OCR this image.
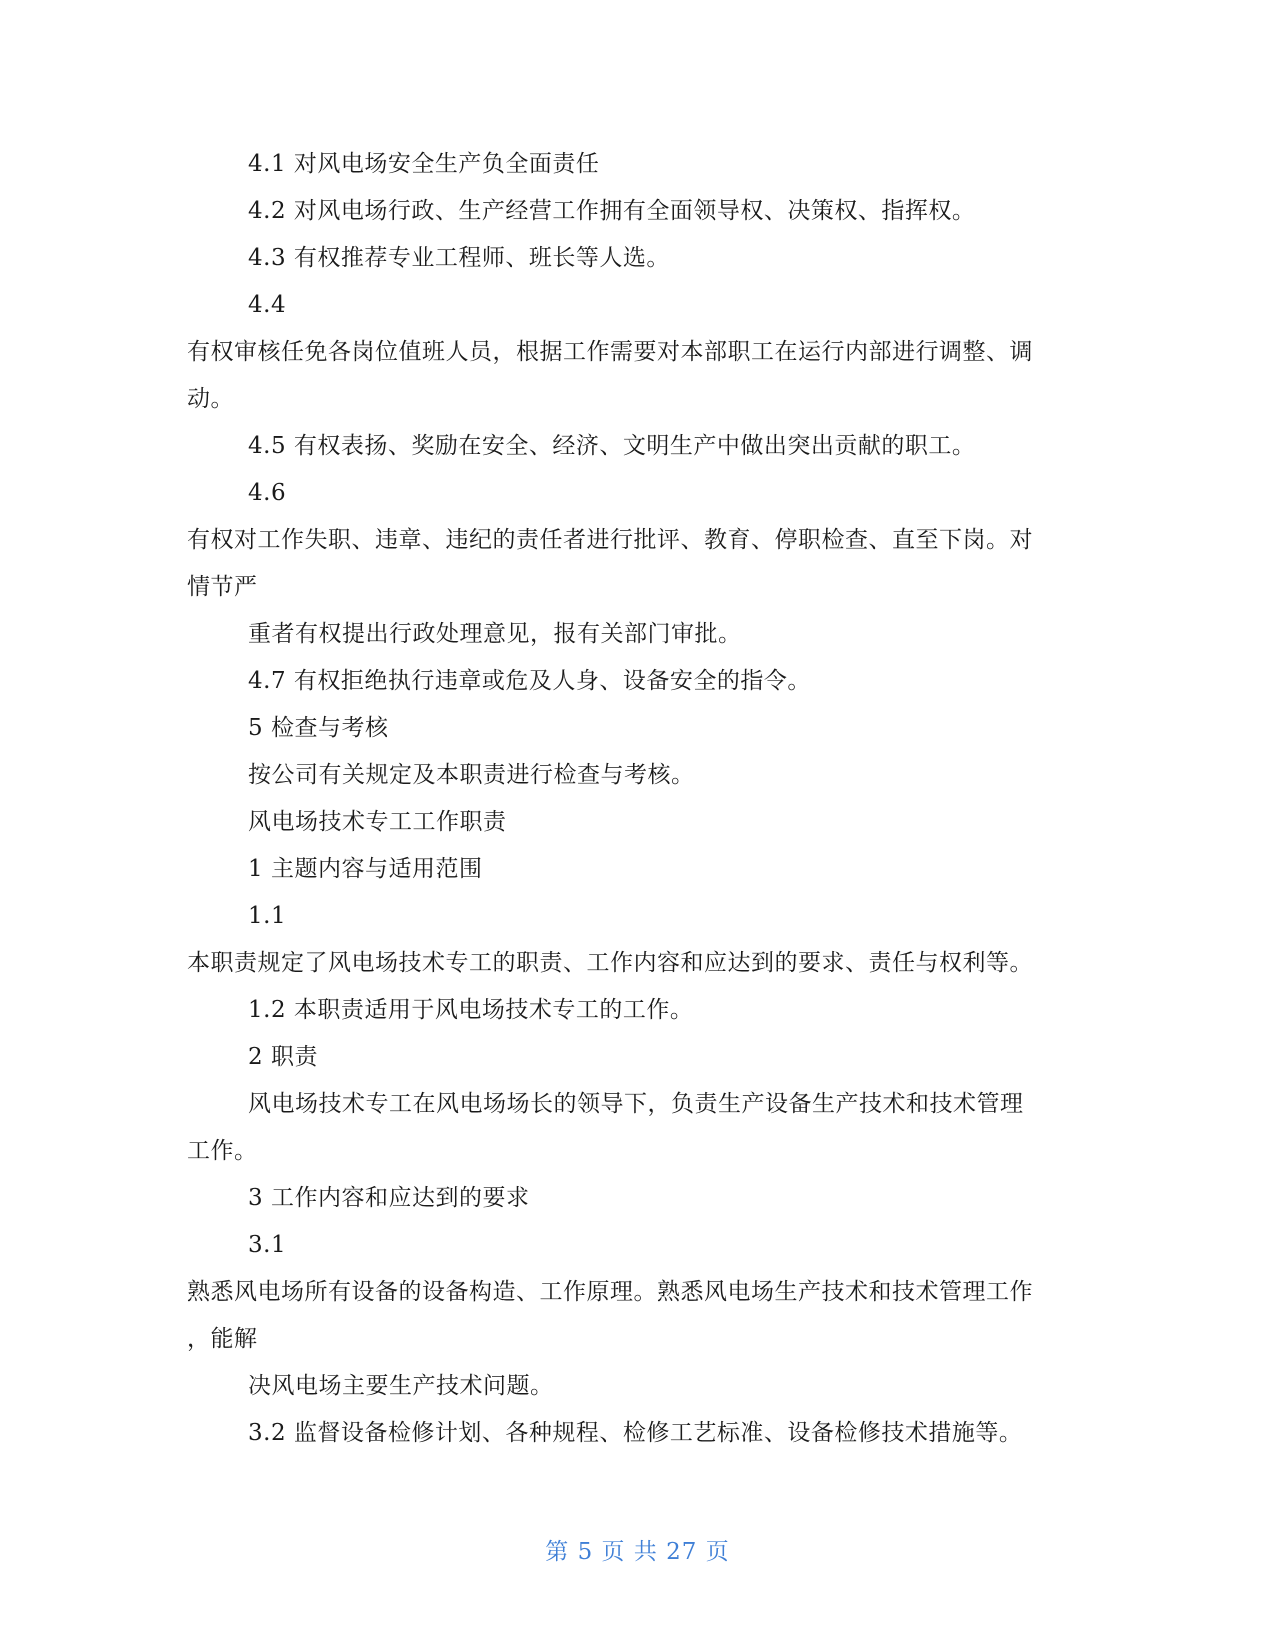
4.1 对风电场安全生产负全面责任
4.2 对风电场行政、生产经营工作拥有全面领导权、决策权、指挥权。
4.3 有权推荐专业工程师、班长等人选。
4.4
有权审核任免各岗位值班人员，根据工作需要对本部职工在运行内部进行调整、调
动。
4.5 有权表扬、奖励在安全、经济、文明生产中做出突出贡献的职工。
4.6
有权对工作失职、违章、违纪的责任者进行批评、教育、停职检查、直至下岗。对
情节严
重者有权提出行政处理意见，报有关部门审批。
4.7 有权拒绝执行违章或危及人身、设备安全的指令。
5 检查与考核
按公司有关规定及本职责进行检查与考核。
风电场技术专工工作职责
1 主题内容与适用范围
1.1
本职责规定了风电场技术专工的职责、工作内容和应达到的要求、责任与权利等。
1.2 本职责适用于风电场技术专工的工作。
2 职责
风电场技术专工在风电场场长的领导下，负责生产设备生产技术和技术管理
工作。
3 工作内容和应达到的要求
3.1
熟悉风电场所有设备的设备构造、工作原理。熟悉风电场生产技术和技术管理工作
，能解
决风电场主要生产技术问题。
3.2 监督设备检修计划、各种规程、检修工艺标准、设备检修技术措施等。
第 5 页 共 27 页
